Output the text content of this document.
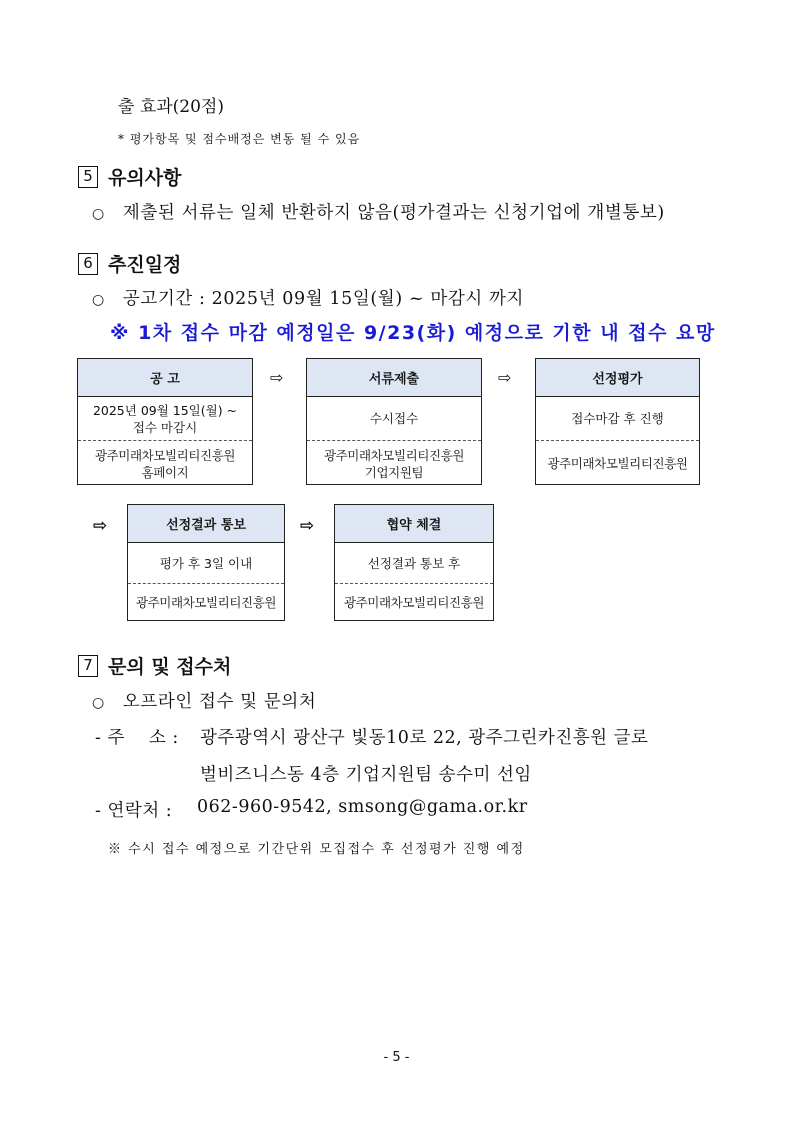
출 효과(20점)
* 평가항목 및 점수배정은 변동 될 수 있음
5 유의사항
○ 제출된 서류는 일체 반환하지 않음(평가결과는 신청기업에 개별통보)
6 추진일정
○ 공고기간 : 2025년 09월 15일(월) ~ 마감시 까지
※ 1차 접수 마감 예정일은 9/23(화) 예정으로 기한 내 접수 요망
공 고
2025년 09월 15일(월) ~
접수 마감시
광주미래차모빌리티진흥원
홈페이지
⇨	서류제출
수시접수
광주미래차모빌리티진흥원
기업지원팀
⇨	선정평가
접수마감 후 진행
광주미래차모빌리티진흥원
⇨	선정결과 통보
평가 후 3일 이내
광주미래차모빌리티진흥원
⇨	협약 체결
선정결과 통보 후
광주미래차모빌리티진흥원
7 문의 및 접수처
○ 오프라인 접수 및 문의처
- 주　 소 : 광주광역시 광산구 빛동10로 22, 광주그린카진흥원 글로
벌비즈니스동 4층 기업지원팀 송수미 선임
- 연락처 : 062-960-9542, smsong@gama.or.kr
※ 수시 접수 예정으로 기간단위 모집접수 후 선정평가 진행 예정
- 5 -
